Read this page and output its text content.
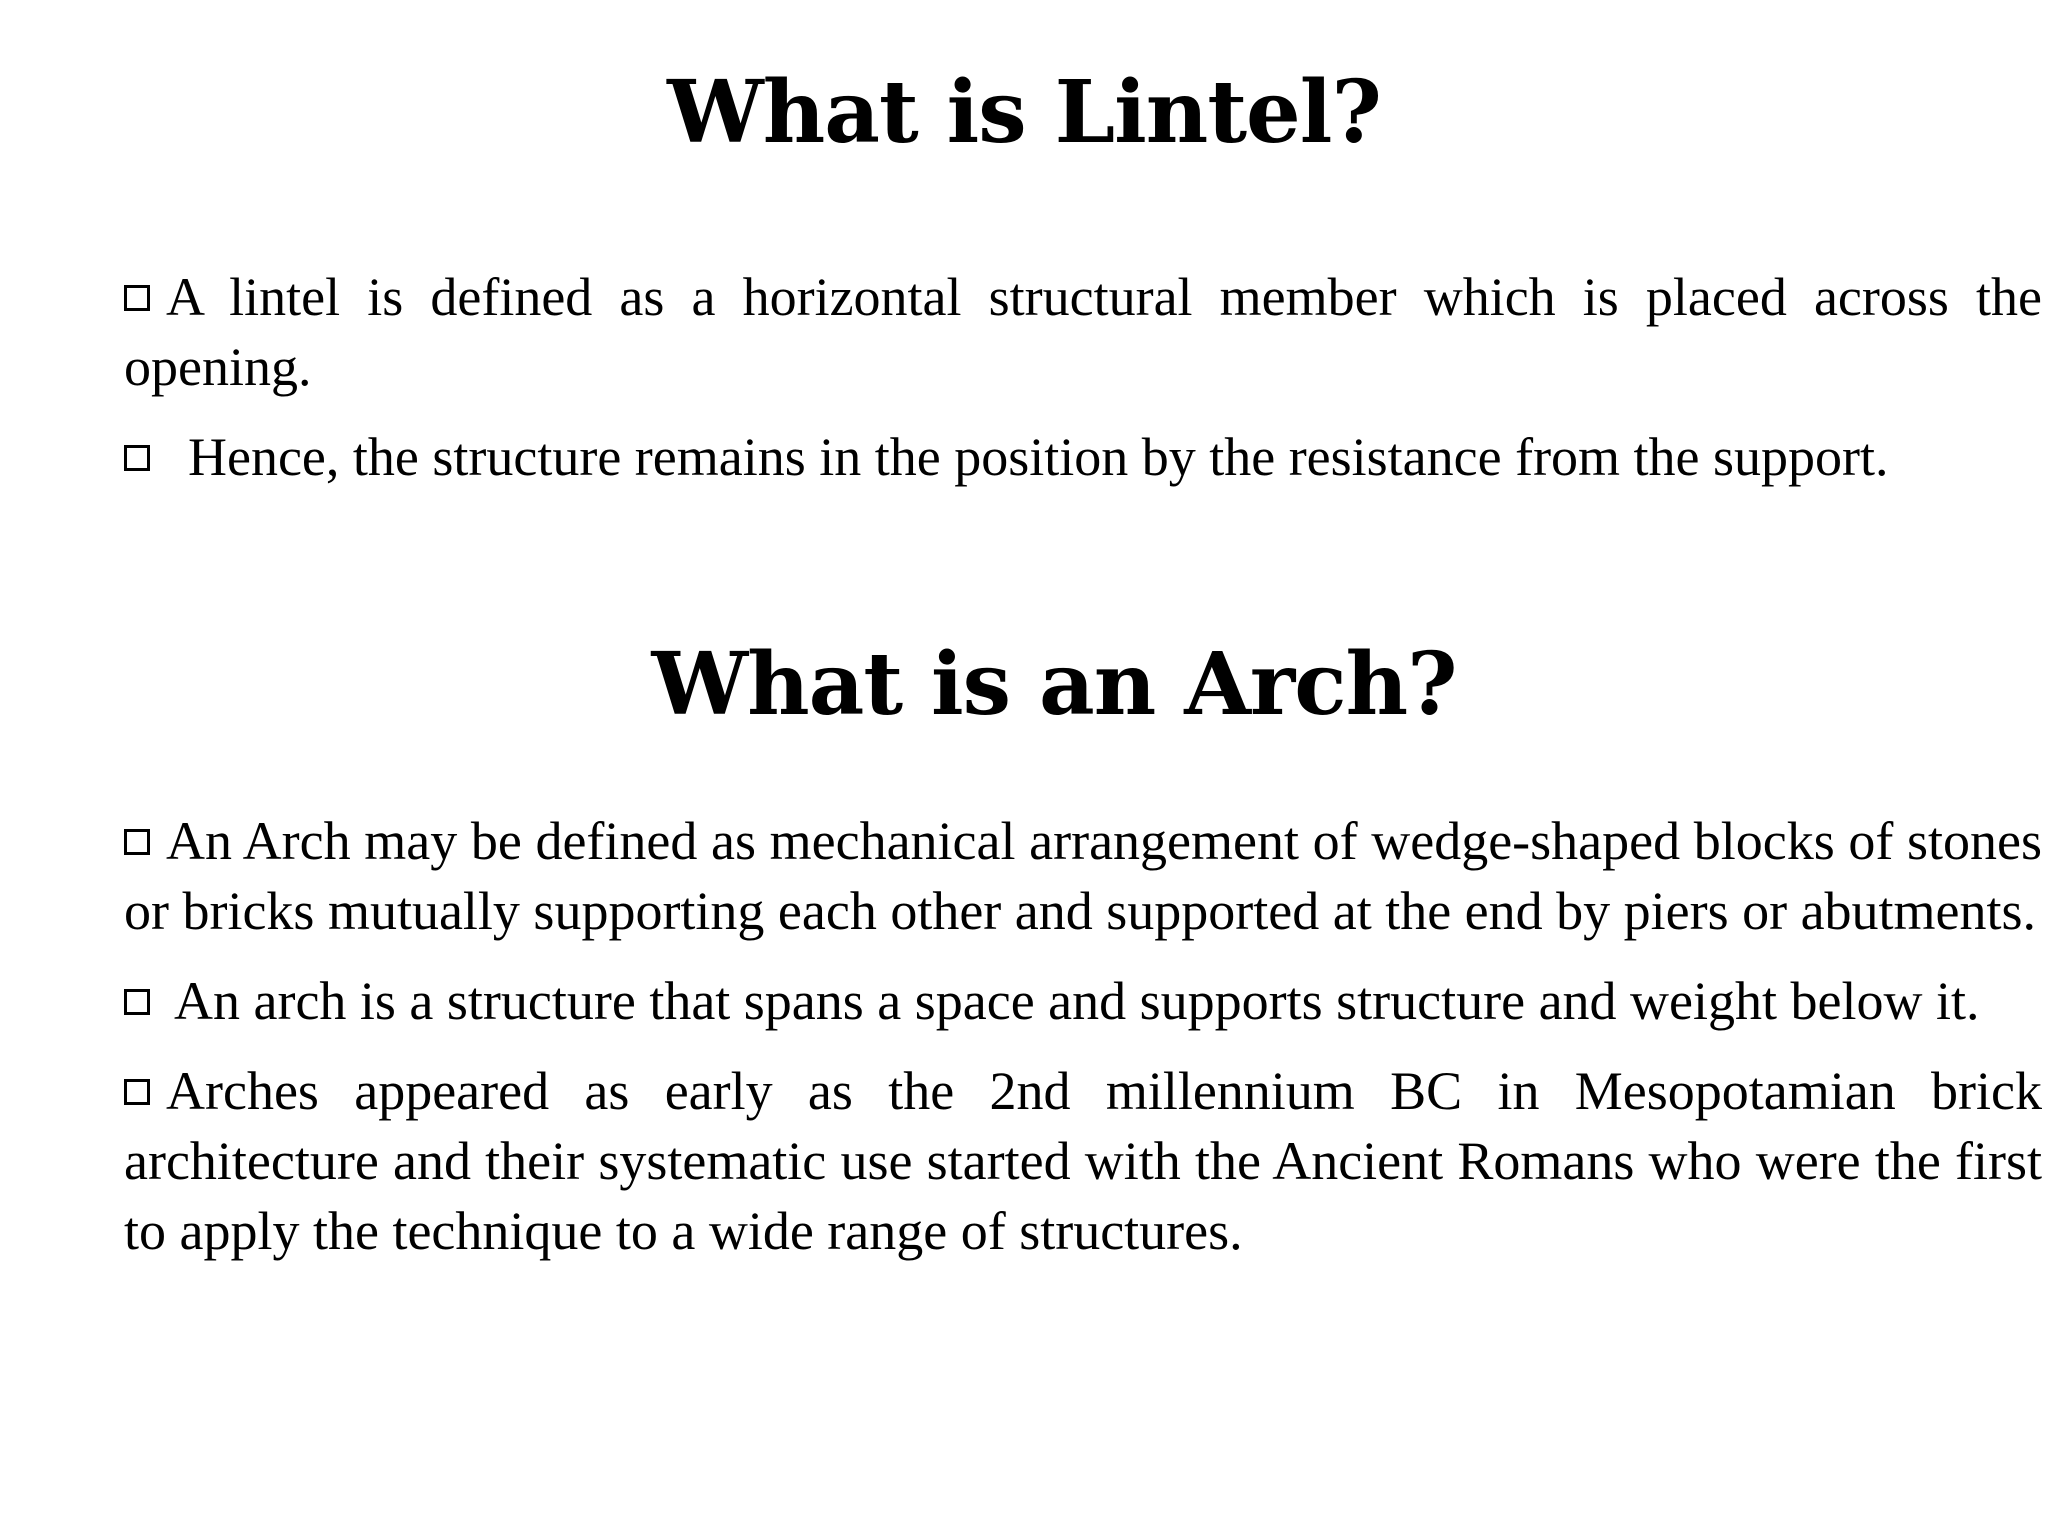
What is Lintel?

A lintel is defined as a horizontal structural member which is placed across the opening.

Hence, the structure remains in the position by the resistance from the support.

What is an Arch?

An Arch may be defined as mechanical arrangement of wedge-shaped blocks of stones or bricks mutually supporting each other and supported at the end by piers or abutments.

An arch is a structure that spans a space and supports structure and weight below it.

Arches appeared as early as the 2nd millennium BC in Mesopotamian brick architecture and their systematic use started with the Ancient Romans who were the first to apply the technique to a wide range of structures.
